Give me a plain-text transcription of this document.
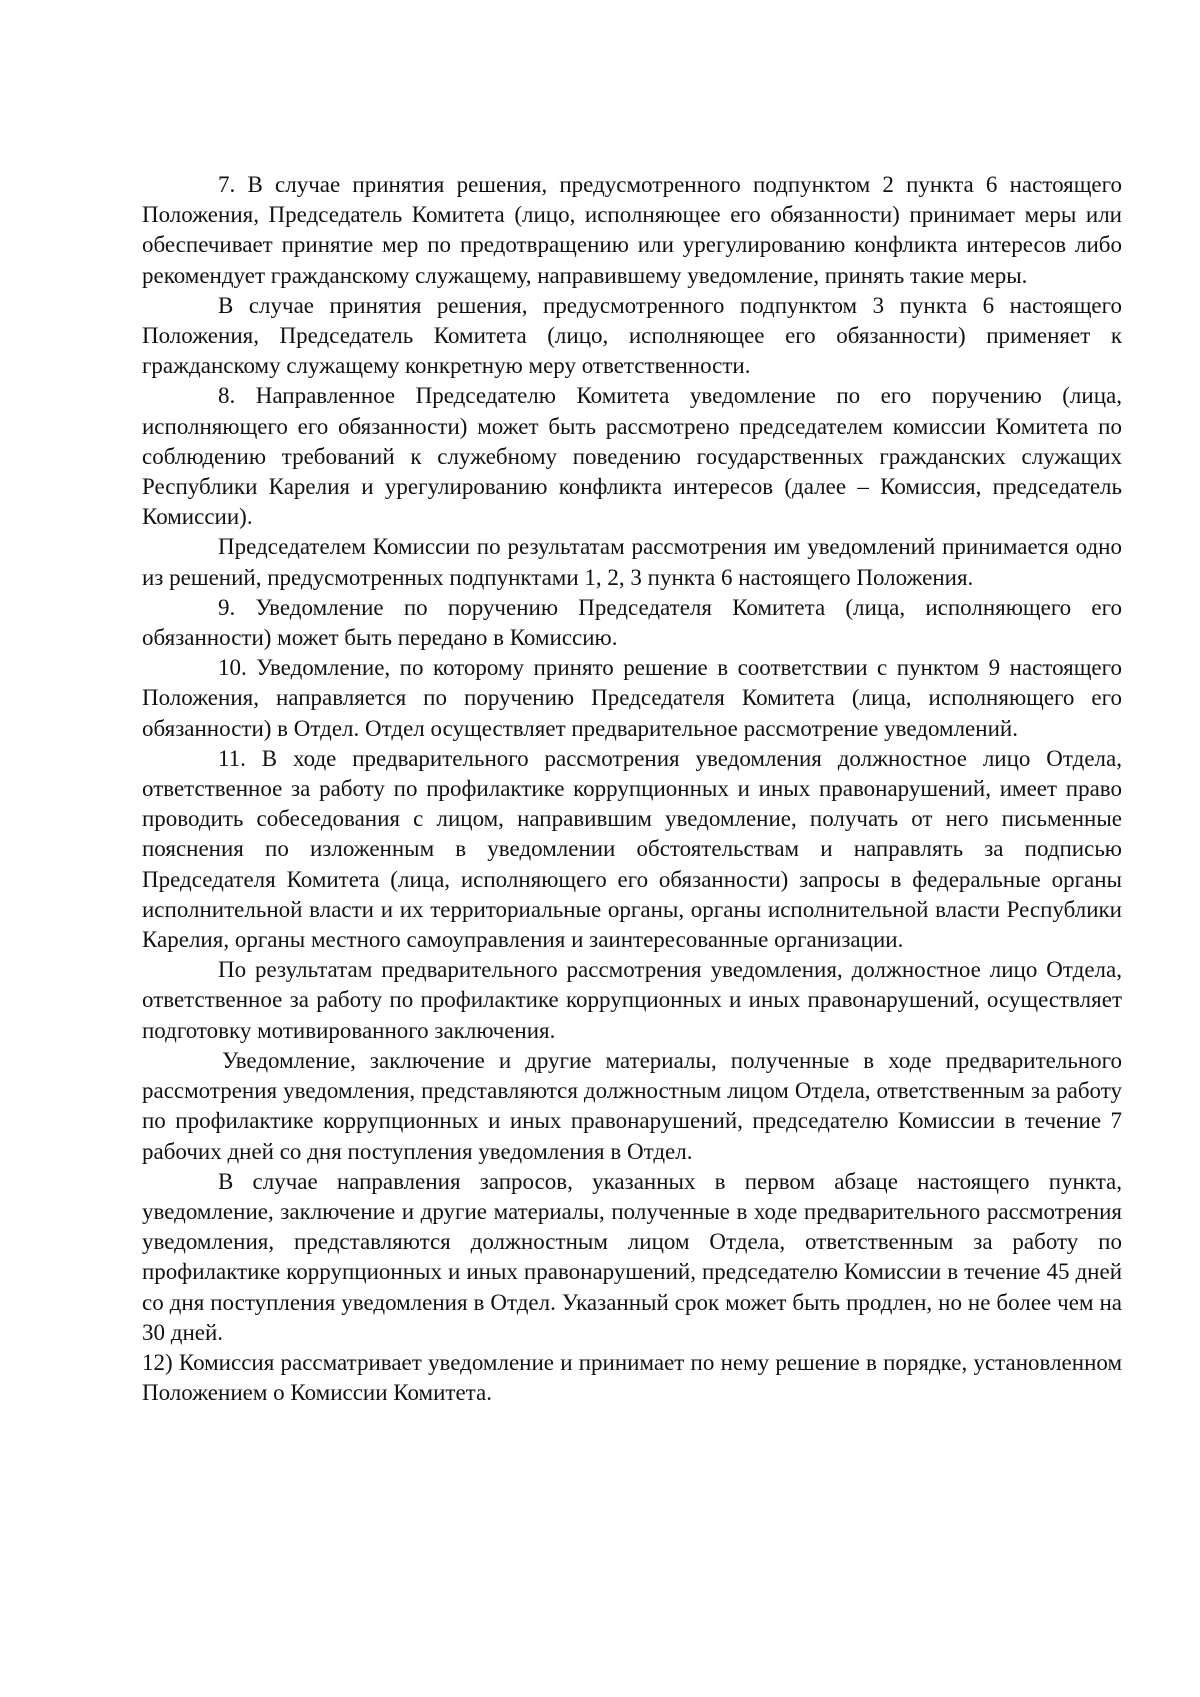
7. В случае принятия решения, предусмотренного подпунктом 2 пункта 6 настоящего Положения, Председатель Комитета (лицо, исполняющее его обязанности) принимает меры или обеспечивает принятие мер по предотвращению или урегулированию конфликта интересов либо рекомендует гражданскому служащему, направившему уведомление, принять такие меры.

В случае принятия решения, предусмотренного подпунктом 3 пункта 6 настоящего Положения, Председатель Комитета (лицо, исполняющее его обязанности) применяет к гражданскому служащему конкретную меру ответственности.

8. Направленное Председателю Комитета уведомление по его поручению (лица, исполняющего его обязанности) может быть рассмотрено председателем комиссии Комитета по соблюдению требований к служебному поведению государственных гражданских служащих Республики Карелия и урегулированию конфликта интересов (далее – Комиссия, председатель Комиссии).

Председателем Комиссии по результатам рассмотрения им уведомлений принимается одно из решений, предусмотренных подпунктами 1, 2, 3 пункта 6 настоящего Положения.

9. Уведомление по поручению Председателя Комитета (лица, исполняющего его обязанности) может быть передано в Комиссию.

10. Уведомление, по которому принято решение в соответствии с пунктом 9 настоящего Положения, направляется по поручению Председателя Комитета (лица, исполняющего его обязанности) в Отдел. Отдел осуществляет предварительное рассмотрение уведомлений.

11. В ходе предварительного рассмотрения уведомления должностное лицо Отдела, ответственное за работу по профилактике коррупционных и иных правонарушений, имеет право проводить собеседования с лицом, направившим уведомление, получать от него письменные пояснения по изложенным в уведомлении обстоятельствам и направлять за подписью Председателя Комитета (лица, исполняющего его обязанности) запросы в федеральные органы исполнительной власти и их территориальные органы, органы исполнительной власти Республики Карелия, органы местного самоуправления и заинтересованные организации.

По результатам предварительного рассмотрения уведомления, должностное лицо Отдела, ответственное за работу по профилактике коррупционных и иных правонарушений, осуществляет подготовку мотивированного заключения.

Уведомление, заключение и другие материалы, полученные в ходе предварительного рассмотрения уведомления, представляются должностным лицом Отдела, ответственным за работу по профилактике коррупционных и иных правонарушений, председателю Комиссии в течение 7 рабочих дней со дня поступления уведомления в Отдел.

В случае направления запросов, указанных в первом абзаце настоящего пункта, уведомление, заключение и другие материалы, полученные в ходе предварительного рассмотрения уведомления, представляются должностным лицом Отдела, ответственным за работу по профилактике коррупционных и иных правонарушений, председателю Комиссии в течение 45 дней со дня поступления уведомления в Отдел. Указанный срок может быть продлен, но не более чем на 30 дней.

12) Комиссия рассматривает уведомление и принимает по нему решение в порядке, установленном Положением о Комиссии Комитета.
